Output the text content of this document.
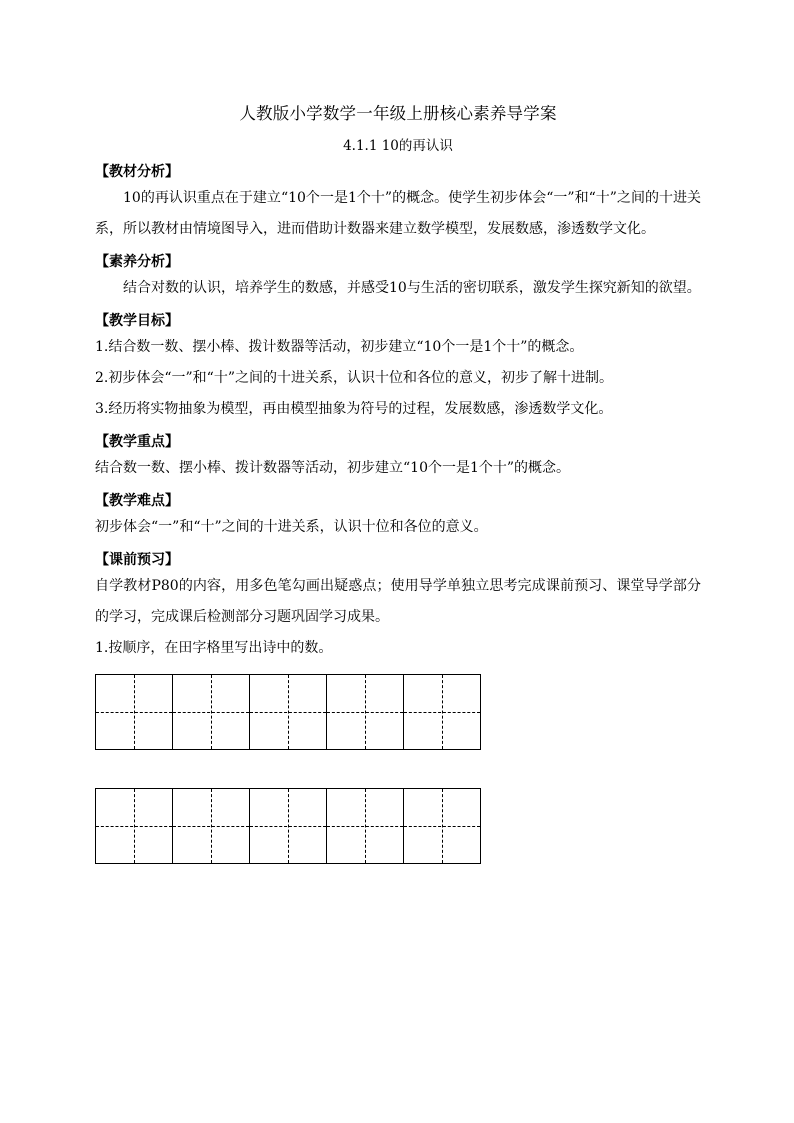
人教版小学数学一年级上册核心素养导学案
4.1.1 10的再认识
【教材分析】
10的再认识重点在于建立“10个一是1个十”的概念。使学生初步体会“一”和“十”之间的十进关系，所以教材由情境图导入，进而借助计数器来建立数学模型，发展数感，渗透数学文化。
【素养分析】
结合对数的认识，培养学生的数感，并感受10与生活的密切联系，激发学生探究新知的欲望。
【教学目标】
1.结合数一数、摆小棒、拨计数器等活动，初步建立“10个一是1个十”的概念。
2.初步体会“一”和“十”之间的十进关系，认识十位和各位的意义，初步了解十进制。
3.经历将实物抽象为模型，再由模型抽象为符号的过程，发展数感，渗透数学文化。
【教学重点】
结合数一数、摆小棒、拨计数器等活动，初步建立“10个一是1个十”的概念。
【教学难点】
初步体会“一”和“十”之间的十进关系，认识十位和各位的意义。
【课前预习】
自学教材P80的内容，用多色笔勾画出疑惑点；使用导学单独立思考完成课前预习、课堂导学部分的学习，完成课后检测部分习题巩固学习成果。
1.按顺序，在田字格里写出诗中的数。
